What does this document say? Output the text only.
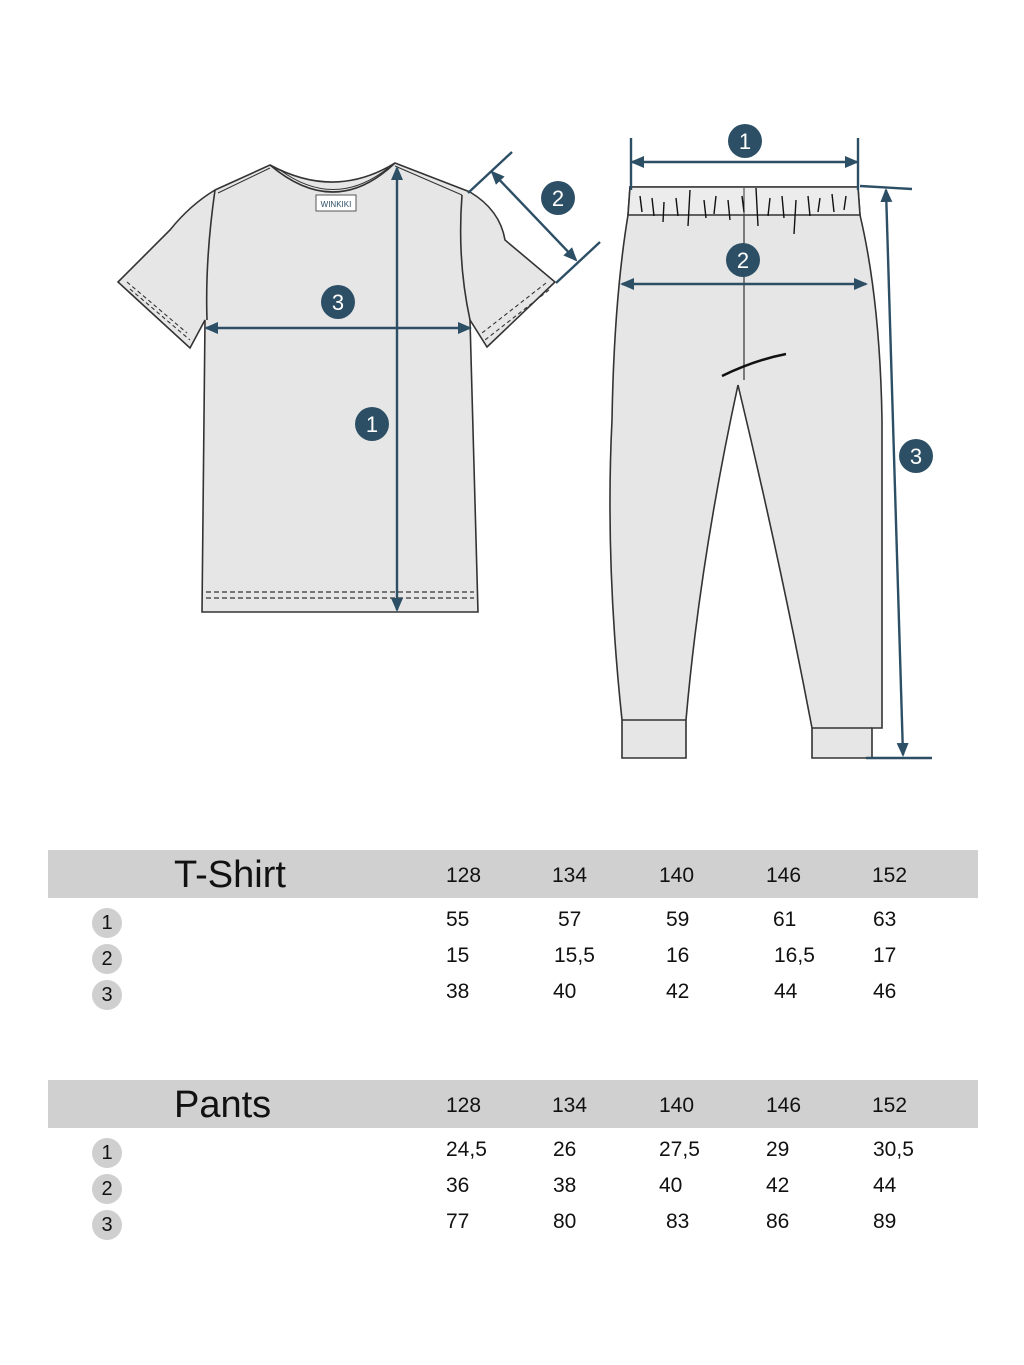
WINKIKI
1
2
3
1
2
3
T-Shirt	128	134	140	146	152
1	55	57	59	61	63
2	15	15,5	16	16,5	17
3	38	40	42	44	46
Pants	128	134	140	146	152
1	24,5	26	27,5	29	30,5
2	36	38	40	42	44
3	77	80	83	86	89
